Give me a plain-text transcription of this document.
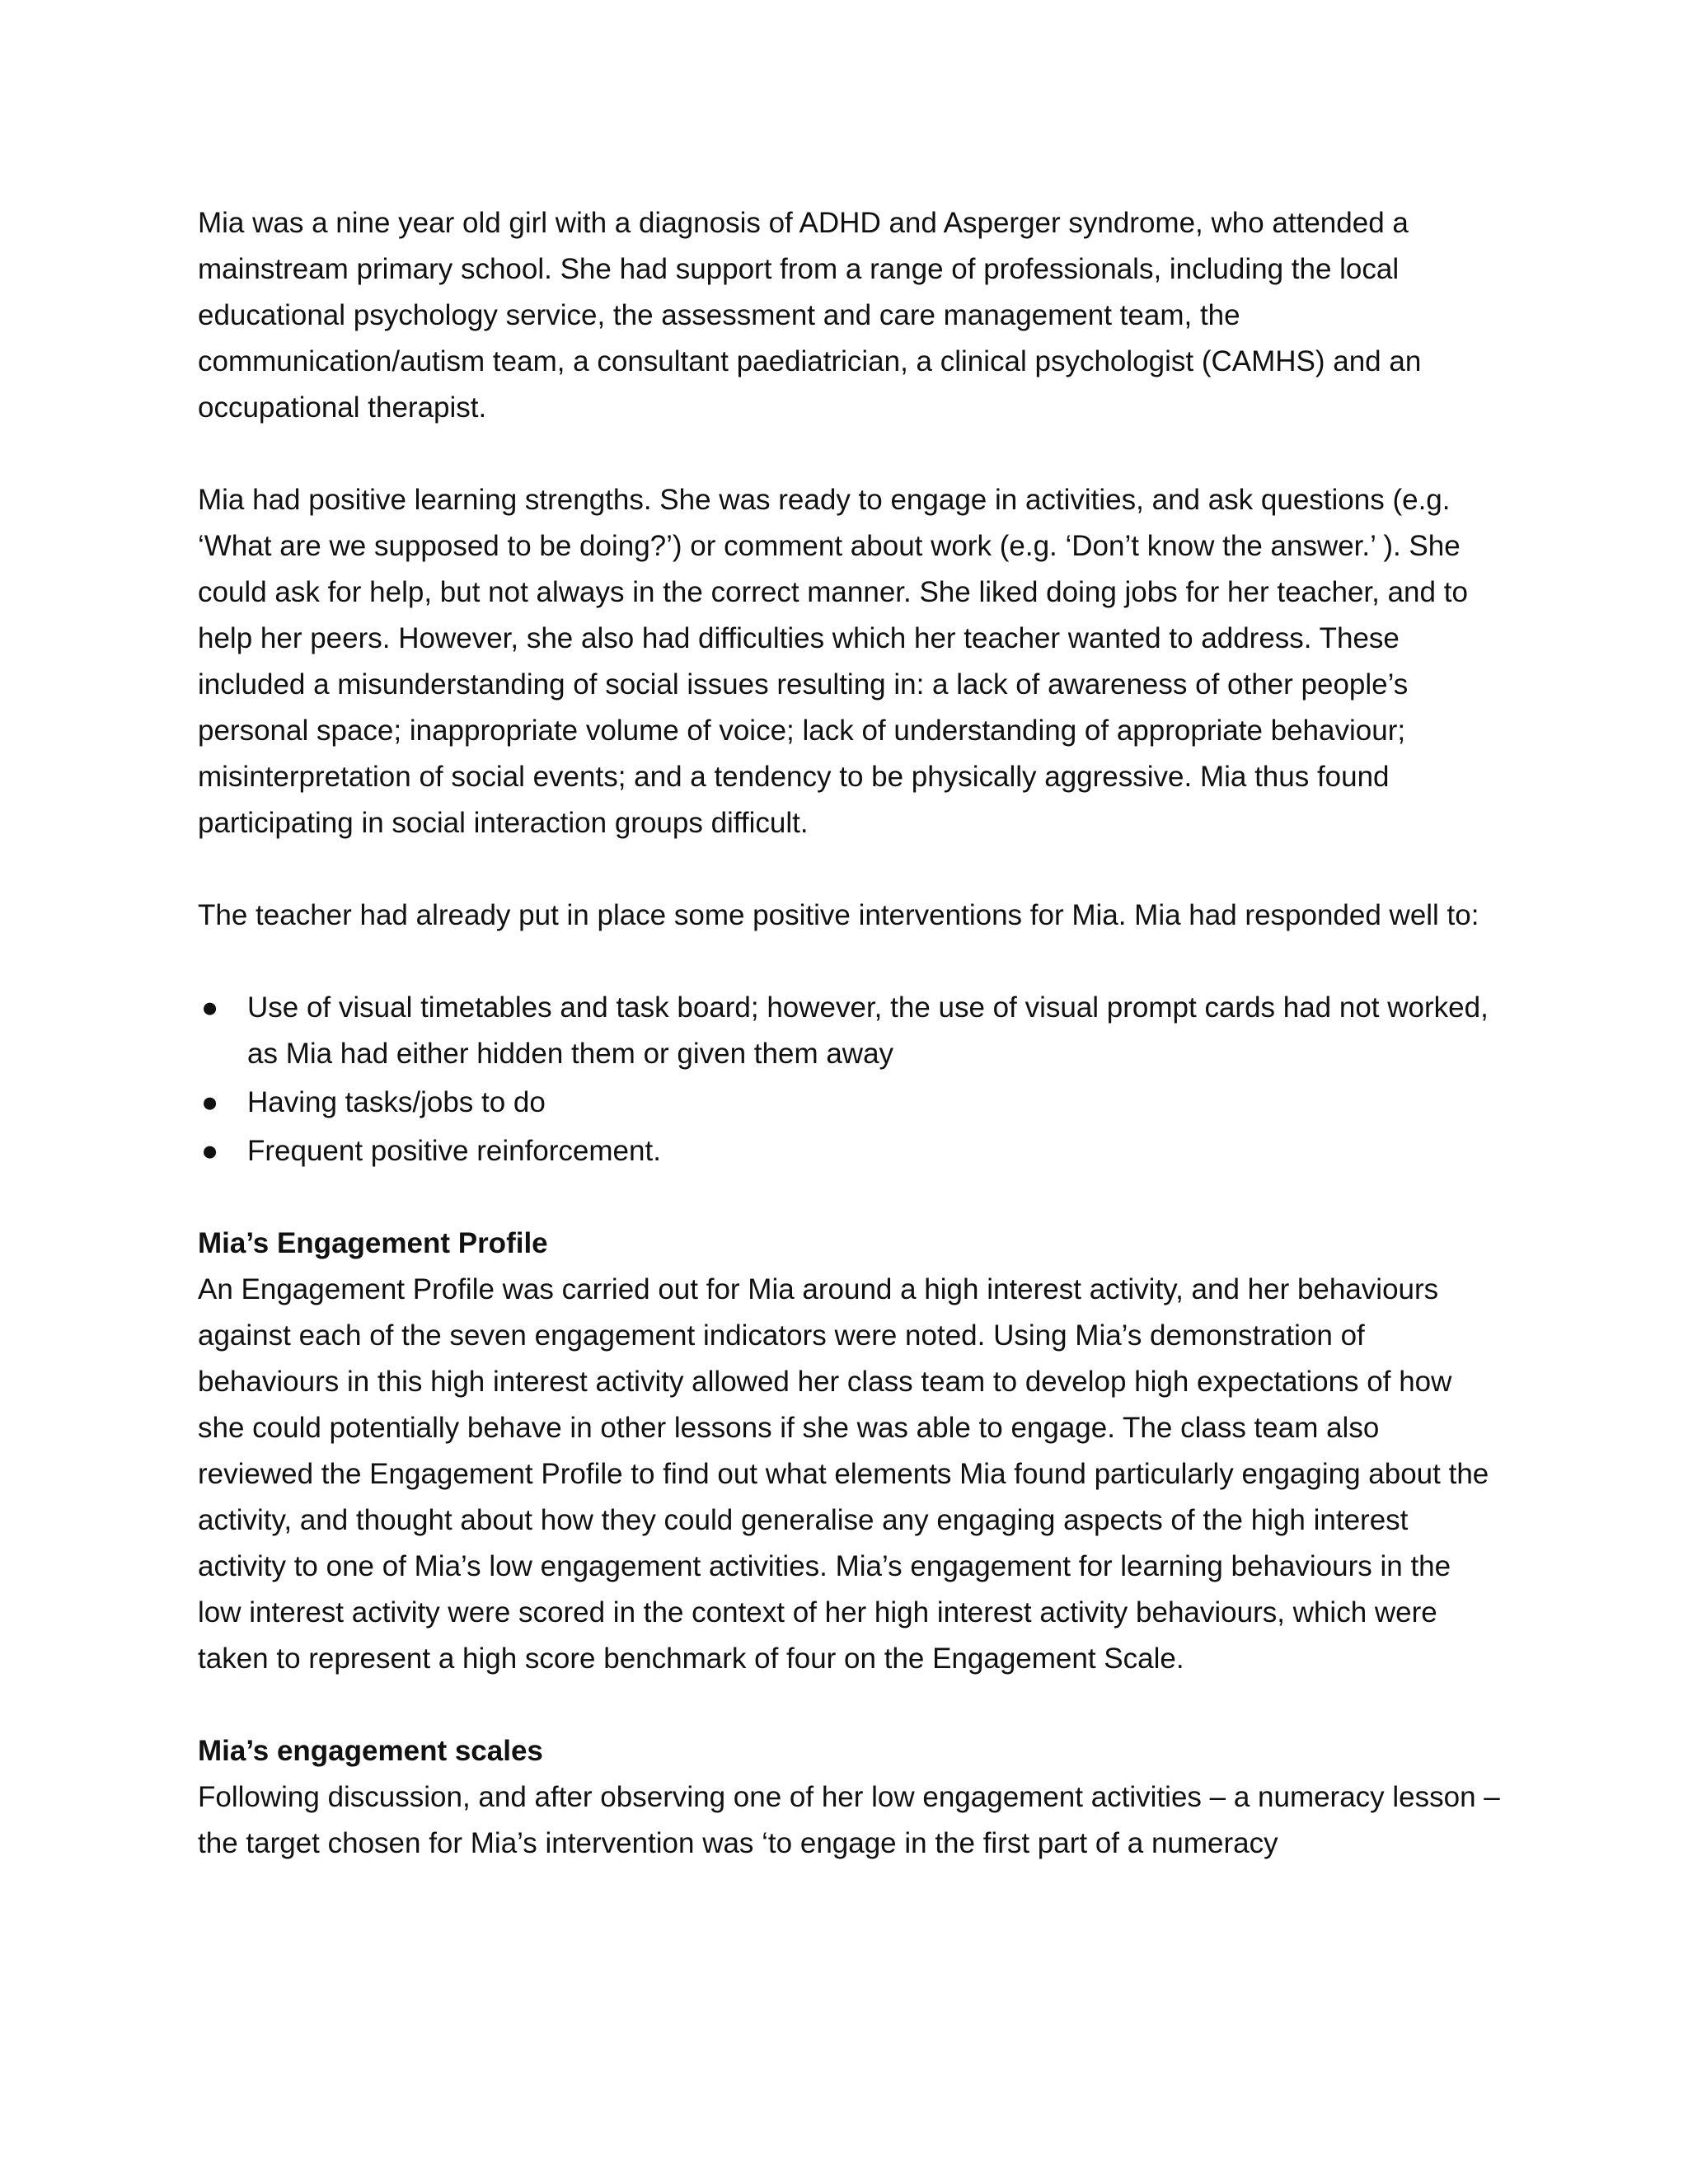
Mia was a nine year old girl with a diagnosis of ADHD and Asperger syndrome, who attended a mainstream primary school. She had support from a range of professionals, including the local educational psychology service, the assessment and care management team, the communication/autism team, a consultant paediatrician, a clinical psychologist (CAMHS) and an occupational therapist.

Mia had positive learning strengths. She was ready to engage in activities, and ask questions (e.g. ‘What are we supposed to be doing?’) or comment about work (e.g. ‘Don’t know the answer.’ ). She could ask for help, but not always in the correct manner. She liked doing jobs for her teacher, and to help her peers. However, she also had difficulties which her teacher wanted to address. These included a misunderstanding of social issues resulting in: a lack of awareness of other people’s personal space; inappropriate volume of voice; lack of understanding of appropriate behaviour; misinterpretation of social events; and a tendency to be physically aggressive. Mia thus found participating in social interaction groups difficult.

The teacher had already put in place some positive interventions for Mia. Mia had responded well to:

● Use of visual timetables and task board; however, the use of visual prompt cards had not worked, as Mia had either hidden them or given them away
● Having tasks/jobs to do
● Frequent positive reinforcement.

Mia’s Engagement Profile

An Engagement Profile was carried out for Mia around a high interest activity, and her behaviours against each of the seven engagement indicators were noted. Using Mia’s demonstration of behaviours in this high interest activity allowed her class team to develop high expectations of how she could potentially behave in other lessons if she was able to engage. The class team also reviewed the Engagement Profile to find out what elements Mia found particularly engaging about the activity, and thought about how they could generalise any engaging aspects of the high interest activity to one of Mia’s low engagement activities. Mia’s engagement for learning behaviours in the low interest activity were scored in the context of her high interest activity behaviours, which were taken to represent a high score benchmark of four on the Engagement Scale.

Mia’s engagement scales

Following discussion, and after observing one of her low engagement activities – a numeracy lesson – the target chosen for Mia’s intervention was ‘to engage in the first part of a numeracy
